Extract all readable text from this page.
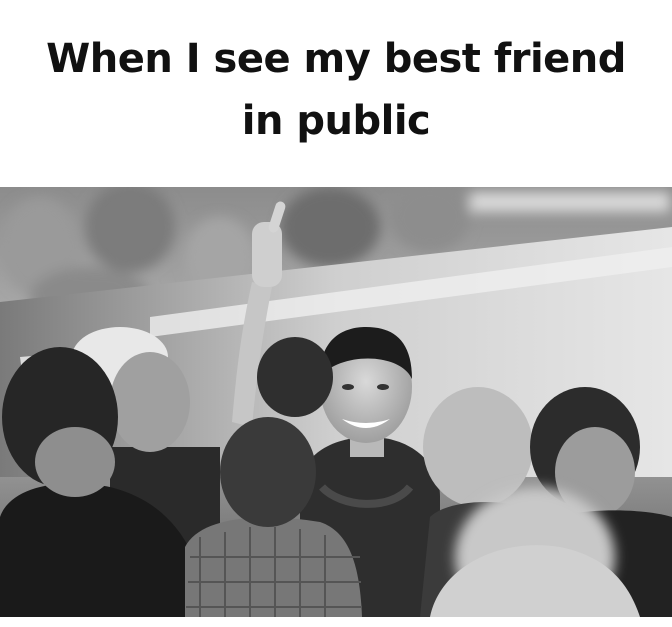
When I see my best friend
in public
